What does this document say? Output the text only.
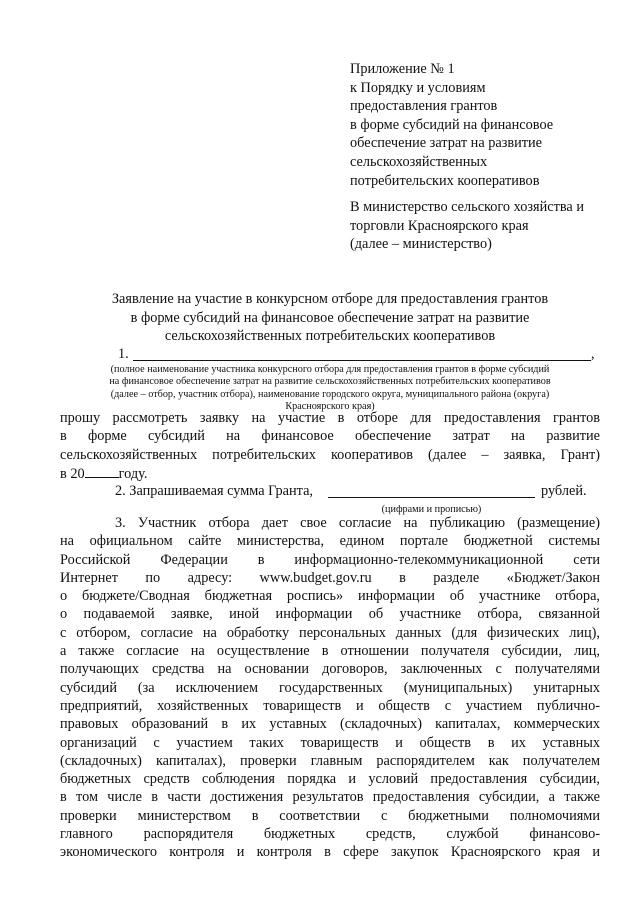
Приложение № 1
к Порядку и условиям
предоставления грантов
в форме субсидий на финансовое
обеспечение затрат на развитие
сельскохозяйственных
потребительских кооперативов
В министерство сельского хозяйства и
торговли Красноярского края
(далее – министерство)
Заявление на участие в конкурсном отборе для предоставления грантов
в форме субсидий на финансовое обеспечение затрат на развитие
сельскохозяйственных потребительских кооперативов
1.	,
(полное наименование участника конкурсного отбора для предоставления грантов в форме субсидий
на финансовое обеспечение затрат на развитие сельскохозяйственных потребительских кооперативов
(далее – отбор, участник отбора), наименование городского округа, муниципального района (округа)
Красноярского края)
прошу рассмотреть заявку на участие в отборе для предоставления грантов
в форме субсидий на финансовое обеспечение затрат на развитие
сельскохозяйственных потребительских кооперативов (далее – заявка, Грант)
в 20 году.
2. Запрашиваемая сумма Гранта,	рублей.
(цифрами и прописью)
3. Участник отбора дает свое согласие на публикацию (размещение)
на официальном сайте министерства, едином портале бюджетной системы
Российской Федерации в информационно-телекоммуникационной сети
Интернет по адресу: www.budget.gov.ru в разделе «Бюджет/Закон
о бюджете/Сводная бюджетная роспись» информации об участнике отбора,
о подаваемой заявке, иной информации об участнике отбора, связанной
с отбором, согласие на обработку персональных данных (для физических лиц),
а также согласие на осуществление в отношении получателя субсидии, лиц,
получающих средства на основании договоров, заключенных с получателями
субсидий (за исключением государственных (муниципальных) унитарных
предприятий, хозяйственных товариществ и обществ с участием публично-
правовых образований в их уставных (складочных) капиталах, коммерческих
организаций с участием таких товариществ и обществ в их уставных
(складочных) капиталах), проверки главным распорядителем как получателем
бюджетных средств соблюдения порядка и условий предоставления субсидии,
в том числе в части достижения результатов предоставления субсидии, а также
проверки министерством в соответствии с бюджетными полномочиями
главного распорядителя бюджетных средств, службой финансово-
экономического контроля и контроля в сфере закупок Красноярского края и
